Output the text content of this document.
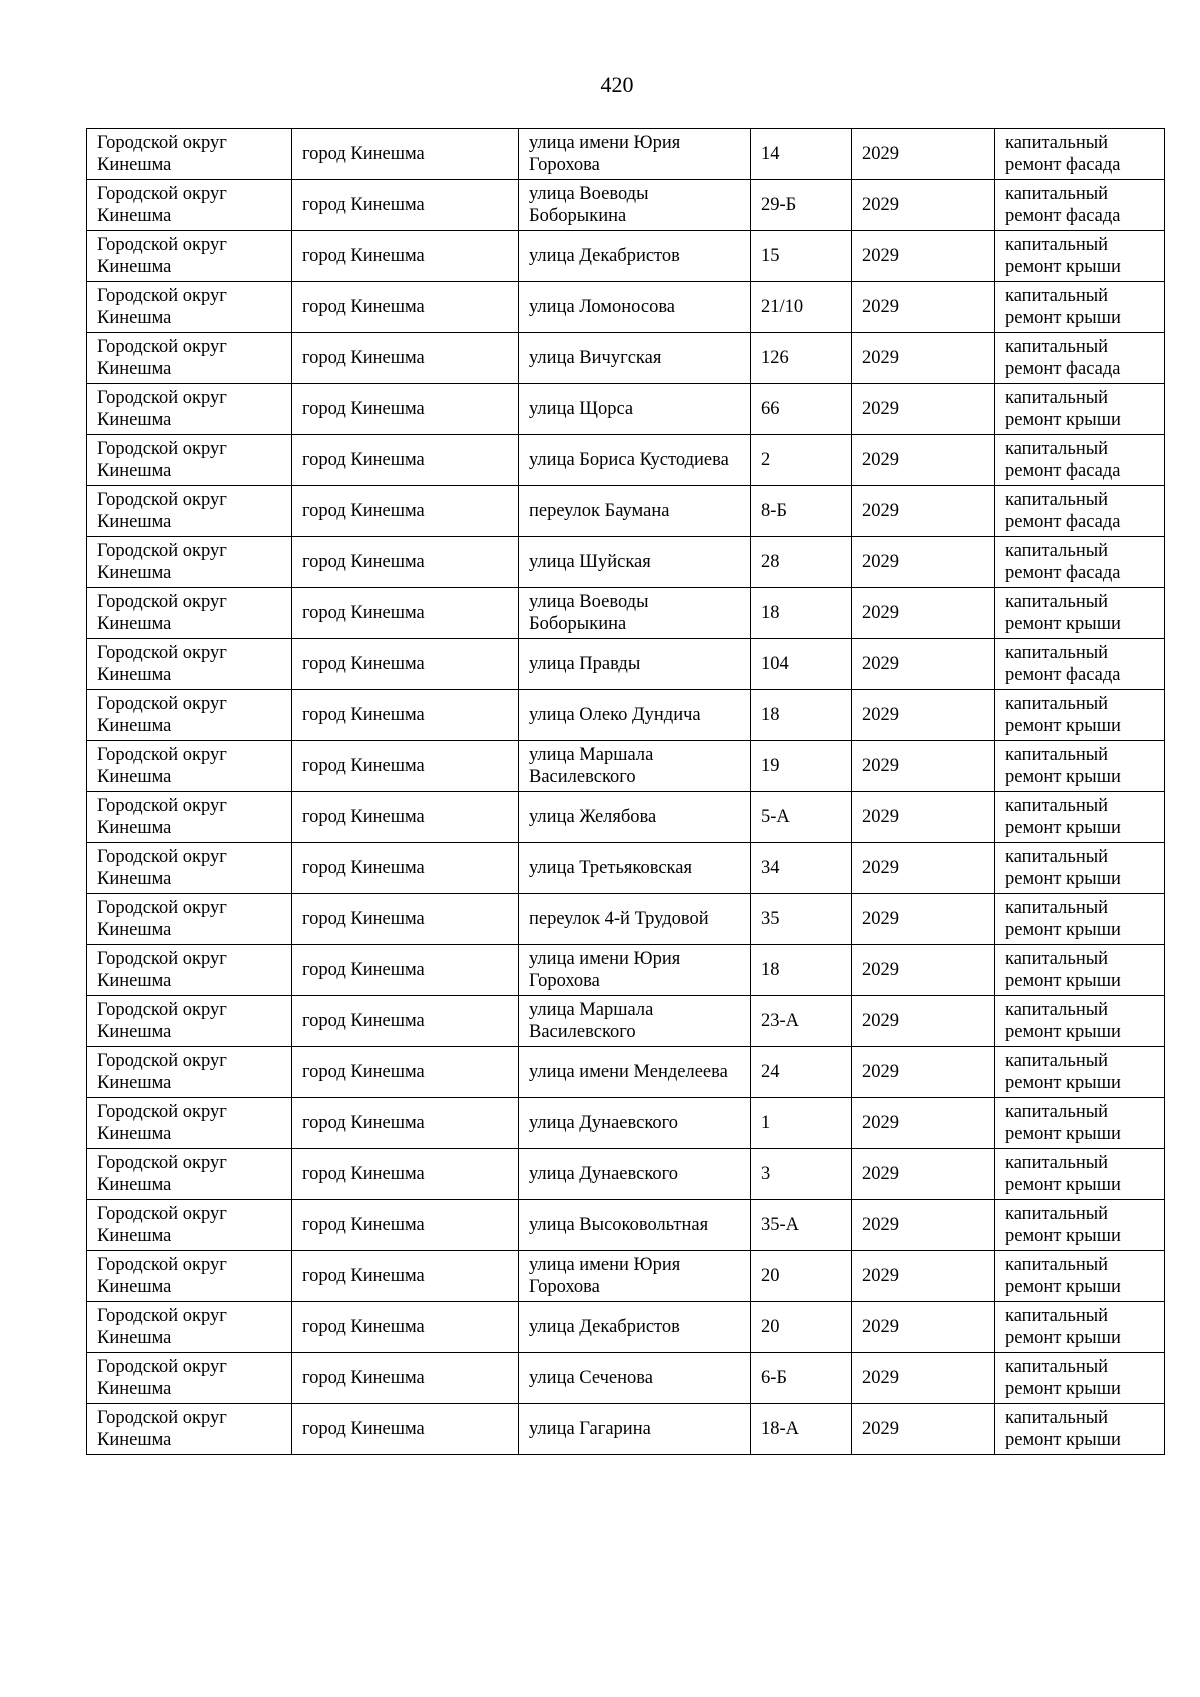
420
Городской округ Кинешма	город Кинешма	улица имени Юрия Горохова	14	2029	капитальный ремонт фасада
Городской округ Кинешма	город Кинешма	улица Воеводы Боборыкина	29-Б	2029	капитальный ремонт фасада
Городской округ Кинешма	город Кинешма	улица Декабристов	15	2029	капитальный ремонт крыши
Городской округ Кинешма	город Кинешма	улица Ломоносова	21/10	2029	капитальный ремонт крыши
Городской округ Кинешма	город Кинешма	улица Вичугская	126	2029	капитальный ремонт фасада
Городской округ Кинешма	город Кинешма	улица Щорса	66	2029	капитальный ремонт крыши
Городской округ Кинешма	город Кинешма	улица Бориса Кустодиева	2	2029	капитальный ремонт фасада
Городской округ Кинешма	город Кинешма	переулок Баумана	8-Б	2029	капитальный ремонт фасада
Городской округ Кинешма	город Кинешма	улица Шуйская	28	2029	капитальный ремонт фасада
Городской округ Кинешма	город Кинешма	улица Воеводы Боборыкина	18	2029	капитальный ремонт крыши
Городской округ Кинешма	город Кинешма	улица Правды	104	2029	капитальный ремонт фасада
Городской округ Кинешма	город Кинешма	улица Олеко Дундича	18	2029	капитальный ремонт крыши
Городской округ Кинешма	город Кинешма	улица Маршала Василевского	19	2029	капитальный ремонт крыши
Городской округ Кинешма	город Кинешма	улица Желябова	5-А	2029	капитальный ремонт крыши
Городской округ Кинешма	город Кинешма	улица Третьяковская	34	2029	капитальный ремонт крыши
Городской округ Кинешма	город Кинешма	переулок 4-й Трудовой	35	2029	капитальный ремонт крыши
Городской округ Кинешма	город Кинешма	улица имени Юрия Горохова	18	2029	капитальный ремонт крыши
Городской округ Кинешма	город Кинешма	улица Маршала Василевского	23-А	2029	капитальный ремонт крыши
Городской округ Кинешма	город Кинешма	улица имени Менделеева	24	2029	капитальный ремонт крыши
Городской округ Кинешма	город Кинешма	улица Дунаевского	1	2029	капитальный ремонт крыши
Городской округ Кинешма	город Кинешма	улица Дунаевского	3	2029	капитальный ремонт крыши
Городской округ Кинешма	город Кинешма	улица Высоковольтная	35-А	2029	капитальный ремонт крыши
Городской округ Кинешма	город Кинешма	улица имени Юрия Горохова	20	2029	капитальный ремонт крыши
Городской округ Кинешма	город Кинешма	улица Декабристов	20	2029	капитальный ремонт крыши
Городской округ Кинешма	город Кинешма	улица Сеченова	6-Б	2029	капитальный ремонт крыши
Городской округ Кинешма	город Кинешма	улица Гагарина	18-А	2029	капитальный ремонт крыши
